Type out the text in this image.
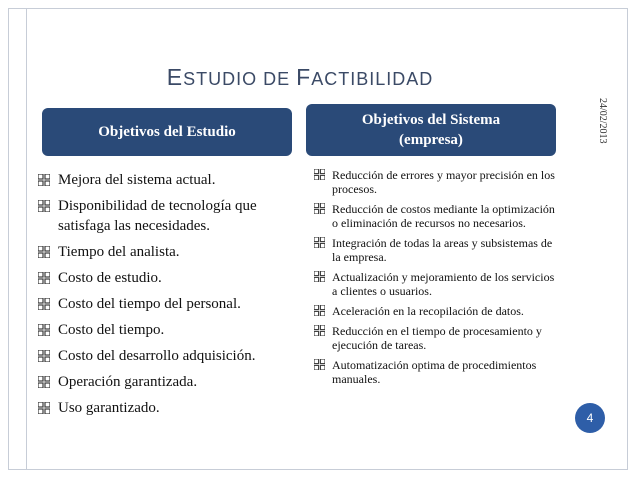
ESTUDIO DE FACTIBILIDAD
24/02/2013
Objetivos del Estudio
Objetivos del Sistema
(empresa)
Mejora del sistema actual.
Disponibilidad de tecnología que satisfaga las necesidades.
Tiempo del analista.
Costo de estudio.
Costo del tiempo del personal.
Costo del tiempo.
Costo del desarrollo adquisición.
Operación garantizada.
Uso garantizado.
Reducción de errores y mayor precisión en los procesos.
Reducción de costos mediante la optimización o eliminación de recursos no necesarios.
Integración de todas la areas y subsistemas de la empresa.
Actualización y mejoramiento de los servicios a clientes o usuarios.
Aceleración en la recopilación de datos.
Reducción en el tiempo de procesamiento y ejecución de tareas.
Automatización optima de procedimientos manuales.
4
